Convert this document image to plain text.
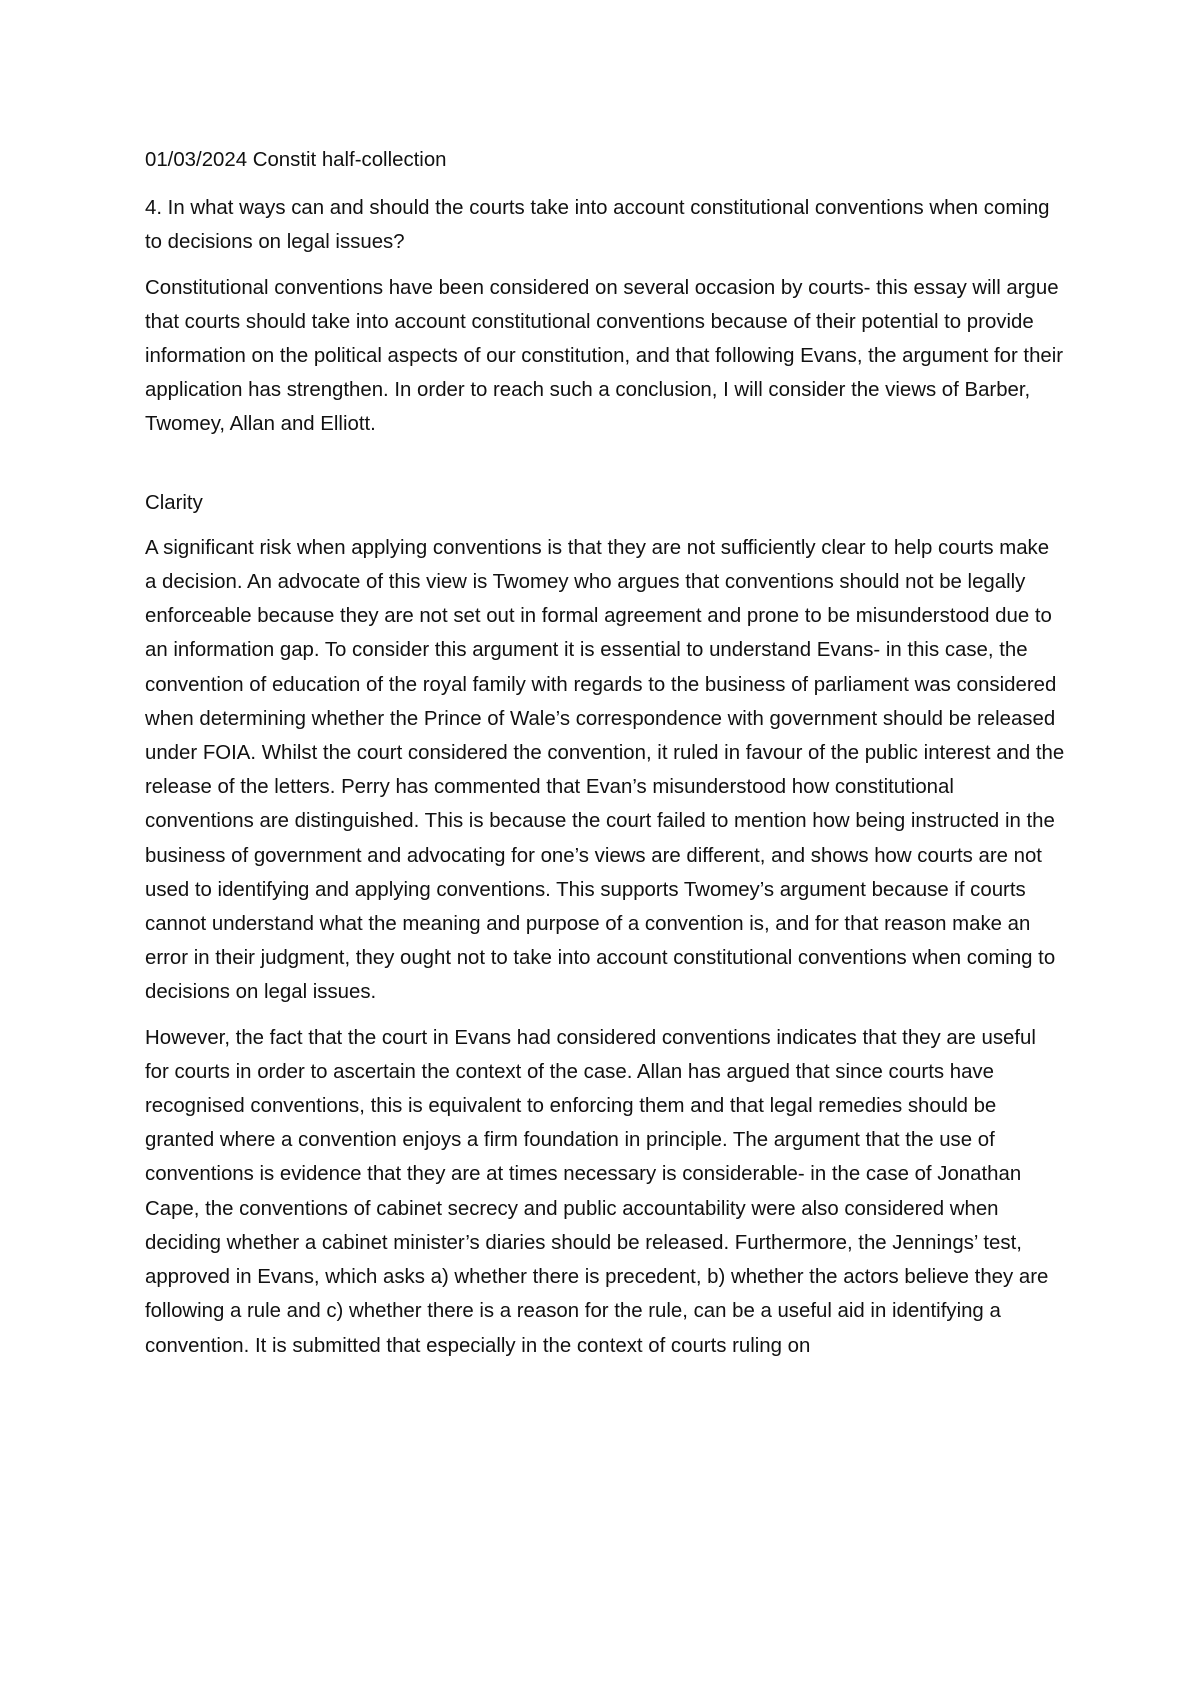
01/03/2024 Constit half-collection

4. In what ways can and should the courts take into account constitutional conventions when coming to decisions on legal issues?

Constitutional conventions have been considered on several occasion by courts- this essay will argue that courts should take into account constitutional conventions because of their potential to provide information on the political aspects of our constitution, and that following Evans, the argument for their application has strengthen. In order to reach such a conclusion, I will consider the views of Barber, Twomey, Allan and Elliott.

Clarity

A significant risk when applying conventions is that they are not sufficiently clear to help courts make a decision. An advocate of this view is Twomey who argues that conventions should not be legally enforceable because they are not set out in formal agreement and prone to be misunderstood due to an information gap. To consider this argument it is essential to understand Evans- in this case, the convention of education of the royal family with regards to the business of parliament was considered when determining whether the Prince of Wale’s correspondence with government should be released under FOIA. Whilst the court considered the convention, it ruled in favour of the public interest and the release of the letters. Perry has commented that Evan’s misunderstood how constitutional conventions are distinguished. This is because the court failed to mention how being instructed in the business of government and advocating for one’s views are different, and shows how courts are not used to identifying and applying conventions. This supports Twomey’s argument because if courts cannot understand what the meaning and purpose of a convention is, and for that reason make an error in their judgment, they ought not to take into account constitutional conventions when coming to decisions on legal issues.

However, the fact that the court in Evans had considered conventions indicates that they are useful for courts in order to ascertain the context of the case. Allan has argued that since courts have recognised conventions, this is equivalent to enforcing them and that legal remedies should be granted where a convention enjoys a firm foundation in principle. The argument that the use of conventions is evidence that they are at times necessary is considerable- in the case of Jonathan Cape, the conventions of cabinet secrecy and public accountability were also considered when deciding whether a cabinet minister’s diaries should be released. Furthermore, the Jennings’ test, approved in Evans, which asks a) whether there is precedent, b) whether the actors believe they are following a rule and c) whether there is a reason for the rule, can be a useful aid in identifying a convention. It is submitted that especially in the context of courts ruling on
